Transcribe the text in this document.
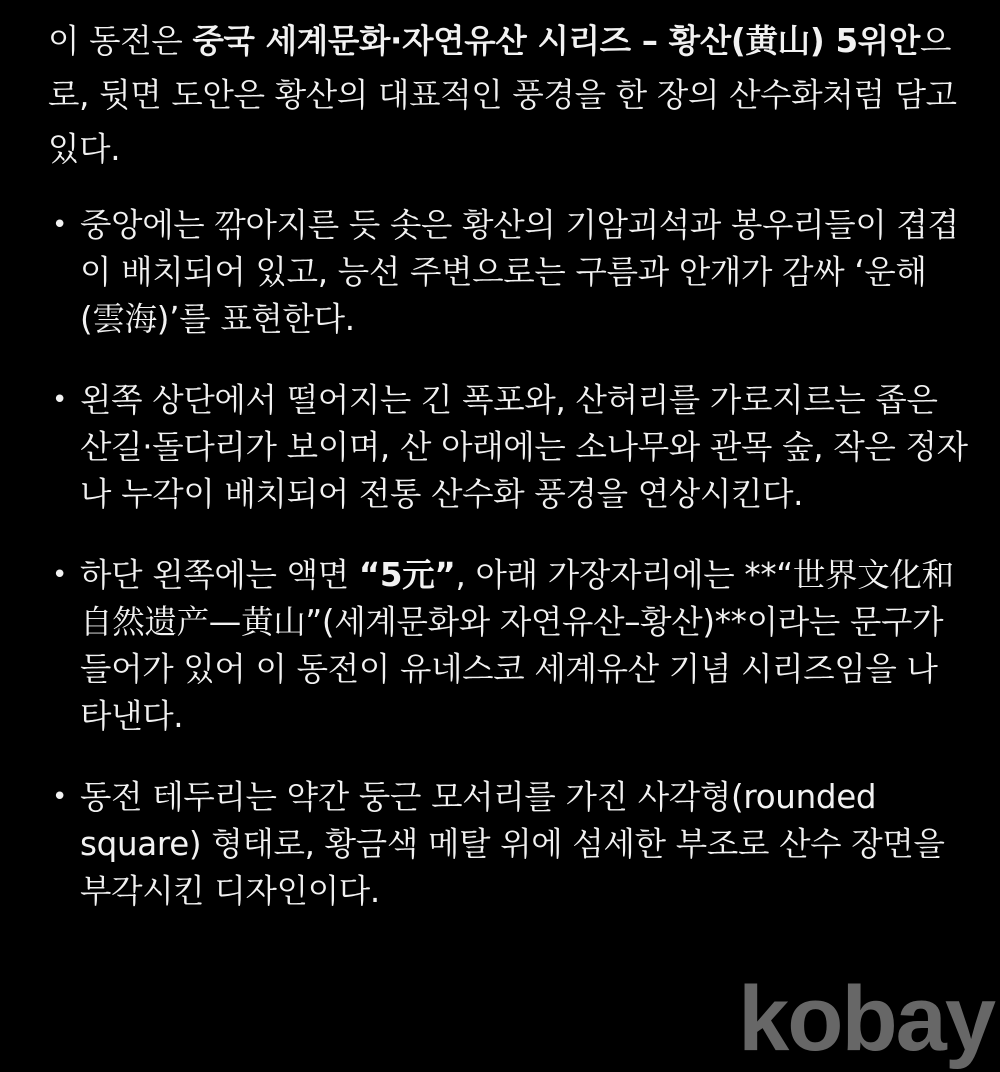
이 동전은 중국 세계문화·자연유산 시리즈 – 황산(黄山) 5위안으로, 뒷면 도안은 황산의 대표적인 풍경을 한 장의 산수화처럼 담고 있다.

• 중앙에는 깎아지른 듯 솟은 황산의 기암괴석과 봉우리들이 겹겹이 배치되어 있고, 능선 주변으로는 구름과 안개가 감싸 ‘운해(雲海)’를 표현한다.
• 왼쪽 상단에서 떨어지는 긴 폭포와, 산허리를 가로지르는 좁은 산길·돌다리가 보이며, 산 아래에는 소나무와 관목 숲, 작은 정자나 누각이 배치되어 전통 산수화 풍경을 연상시킨다.
• 하단 왼쪽에는 액면 “5元”, 아래 가장자리에는 **“世界文化和自然遗产—黄山”(세계문화와 자연유산–황산)**이라는 문구가 들어가 있어 이 동전이 유네스코 세계유산 기념 시리즈임을 나타낸다.
• 동전 테두리는 약간 둥근 모서리를 가진 사각형(rounded square) 형태로, 황금색 메탈 위에 섬세한 부조로 산수 장면을 부각시킨 디자인이다.
kobay
